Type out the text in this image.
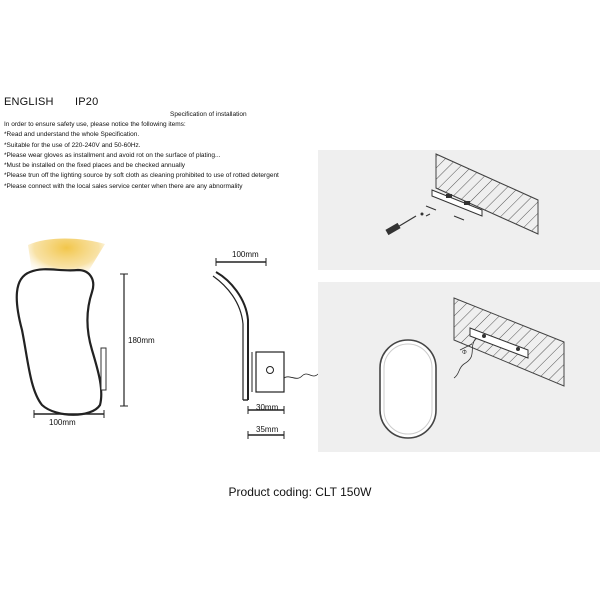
ENGLISH IP20
Specification of installation
In order to ensure safety use, please notice the following items:
*Read and understand the whole Specification.
*Suitable for the use of 220-240V and 50-60Hz.
*Please wear gloves as installment and avoid rot on the surface of plating...
*Must be installed on the fixed places and be checked annually
*Please trun off the lighting source by soft cloth as cleaning prohibited to use of rotted detergent
*Please connect with the local sales service center when there are any abnormality
100mm
180mm
100mm
30mm
35mm
Φ
Product coding: CLT 150W
